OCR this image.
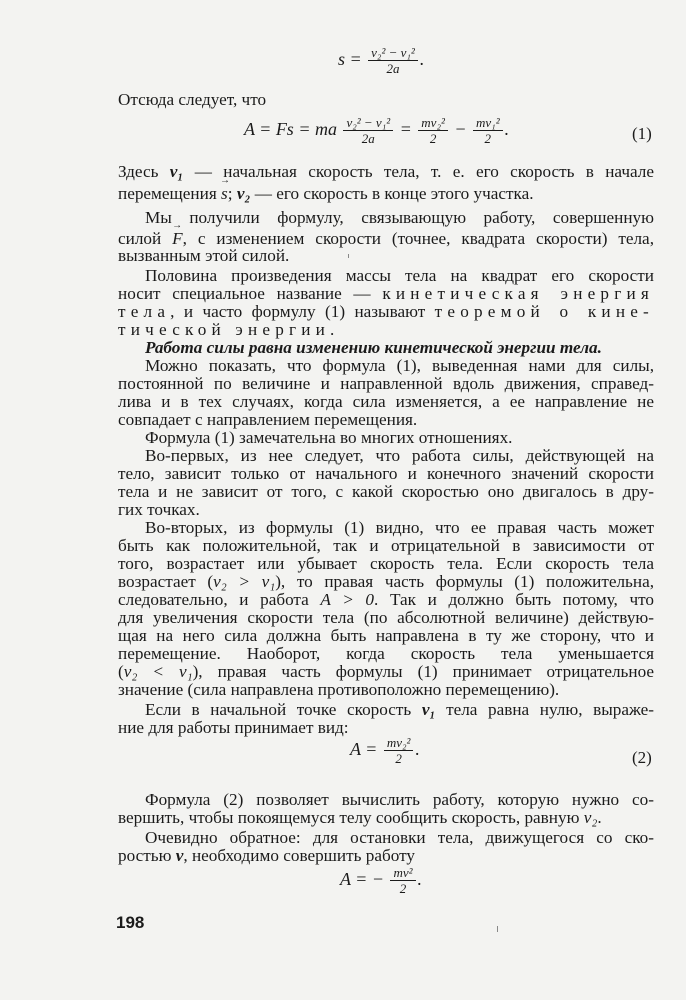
$s = \frac{\text{v₂² − v₁²}}{2a}$ .
Отсюда следует, что
A = Fs = ma $\frac{\text{v₂² − v₁²}}{2a} = \frac{\text{mv₂²}}{2} - \frac{\text{mv₁²}}{2}$ .	(1)
Здесь v₁ — начальная скорость тела, т. е. его скорость в начале
перемещения → s; v₂ — его скорость в конце этого участка.
Мы получили формулу, связывающую работу, совершенную
силой → F, с изменением скорости (точнее, квадрата скорости) тела,
вызванным этой силой.
Половина произведения массы тела на квадрат его скорости
носит специальное название — кинетическая энергия
тела, и часто формулу (1) называют теоремой о кине-
тической энергии.
Работа силы равна изменению кинетической энергии тела.
Можно показать, что формула (1), выведенная нами для силы,
постоянной по величине и направленной вдоль движения, справед-
лива и в тех случаях, когда сила изменяется, а ее направление не
совпадает с направлением перемещения.
Формула (1) замечательна во многих отношениях.
Во-первых, из нее следует, что работа силы, действующей на
тело, зависит только от начального и конечного значений скорости
тела и не зависит от того, с какой скоростью оно двигалось в дру-
гих точках.
Во-вторых, из формулы (1) видно, что ее правая часть может
быть как положительной, так и отрицательной в зависимости от
того, возрастает или убывает скорость тела. Если скорость тела
возрастает (v₂ > v₁), то правая часть формулы (1) положительна,
следовательно, и работа A > 0. Так и должно быть потому, что
для увеличения скорости тела (по абсолютной величине) действую-
щая на него сила должна быть направлена в ту же сторону, что и
перемещение. Наоборот, когда скорость тела уменьшается
(v₂ < v₁), правая часть формулы (1) принимает отрицательное
значение (сила направлена противоположно перемещению).
Если в начальной точке скорость v₁ тела равна нулю, выраже-
ние для работы принимает вид:
$A = \frac{\text{mv₂²}}{2}$ .	(2)
Формула (2) позволяет вычислить работу, которую нужно со-
вершить, чтобы покоящемуся телу сообщить скорость, равную v₂.
Очевидно обратное: для остановки тела, движущегося со ско-
ростью v, необходимо совершить работу
A = − $\frac{\text{mv²}}{2}$ .
198
